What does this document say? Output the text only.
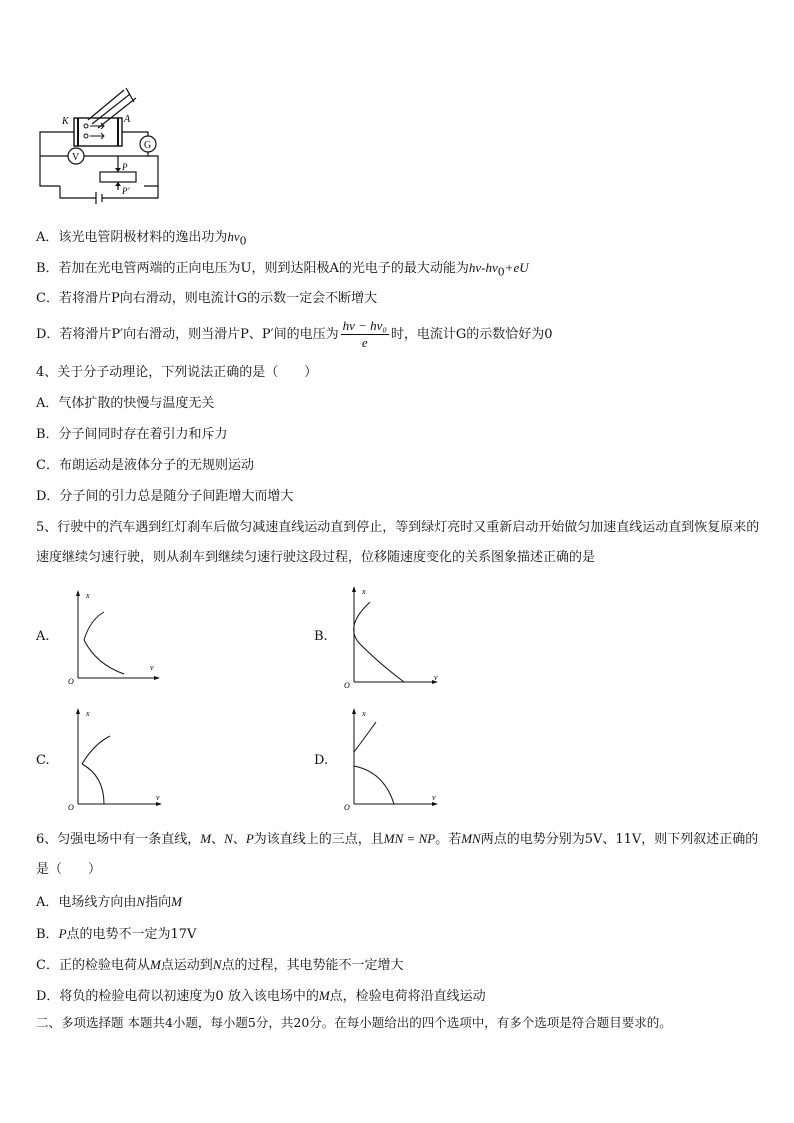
K	A
G
V
P
P′
A．该光电管阴极材料的逸出功为$h\nu_0$
B．若加在光电管两端的正向电压为U，则到达阳极A的光电子的最大动能为$h\nu-h\nu_0+eU$
C．若将滑片P向右滑动，则电流计G的示数一定会不断增大
D．若将滑片P′向右滑动，则当滑片P、P′间的电压为 $\frac{\text{hν − hν₀}}{e}$ 时，电流计G的示数恰好为0
4、关于分子动理论，下列说法正确的是（　　）
A．气体扩散的快慢与温度无关
B．分子间同时存在着引力和斥力
C．布朗运动是液体分子的无规则运动
D．分子间的引力总是随分子间距增大而增大
5、行驶中的汽车遇到红灯刹车后做匀减速直线运动直到停止，等到绿灯亮时又重新启动开始做匀加速直线运动直到恢复原来的速度继续匀速行驶，则从刹车到继续匀速行驶这段过程，位移随速度变化的关系图象描述正确的是
A.
x
v
O
B.
x
v
O
C.
x
v
O
D.
x
v
O
6、匀强电场中有一条直线，M、N、P为该直线上的三点，且MN = NP。若MN两点的电势分别为5V、11V，则下列叙述正确的是（　　）
A．电场线方向由N指向M
B．P点的电势不一定为17V
C．正的检验电荷从M点运动到N点的过程，其电势能不一定增大
D．将负的检验电荷以初速度为0 放入该电场中的M点，检验电荷将沿直线运动
二、多项选择题 本题共4小题，每小题5分，共20分。在每小题给出的四个选项中，有多个选项是符合题目要求的。
